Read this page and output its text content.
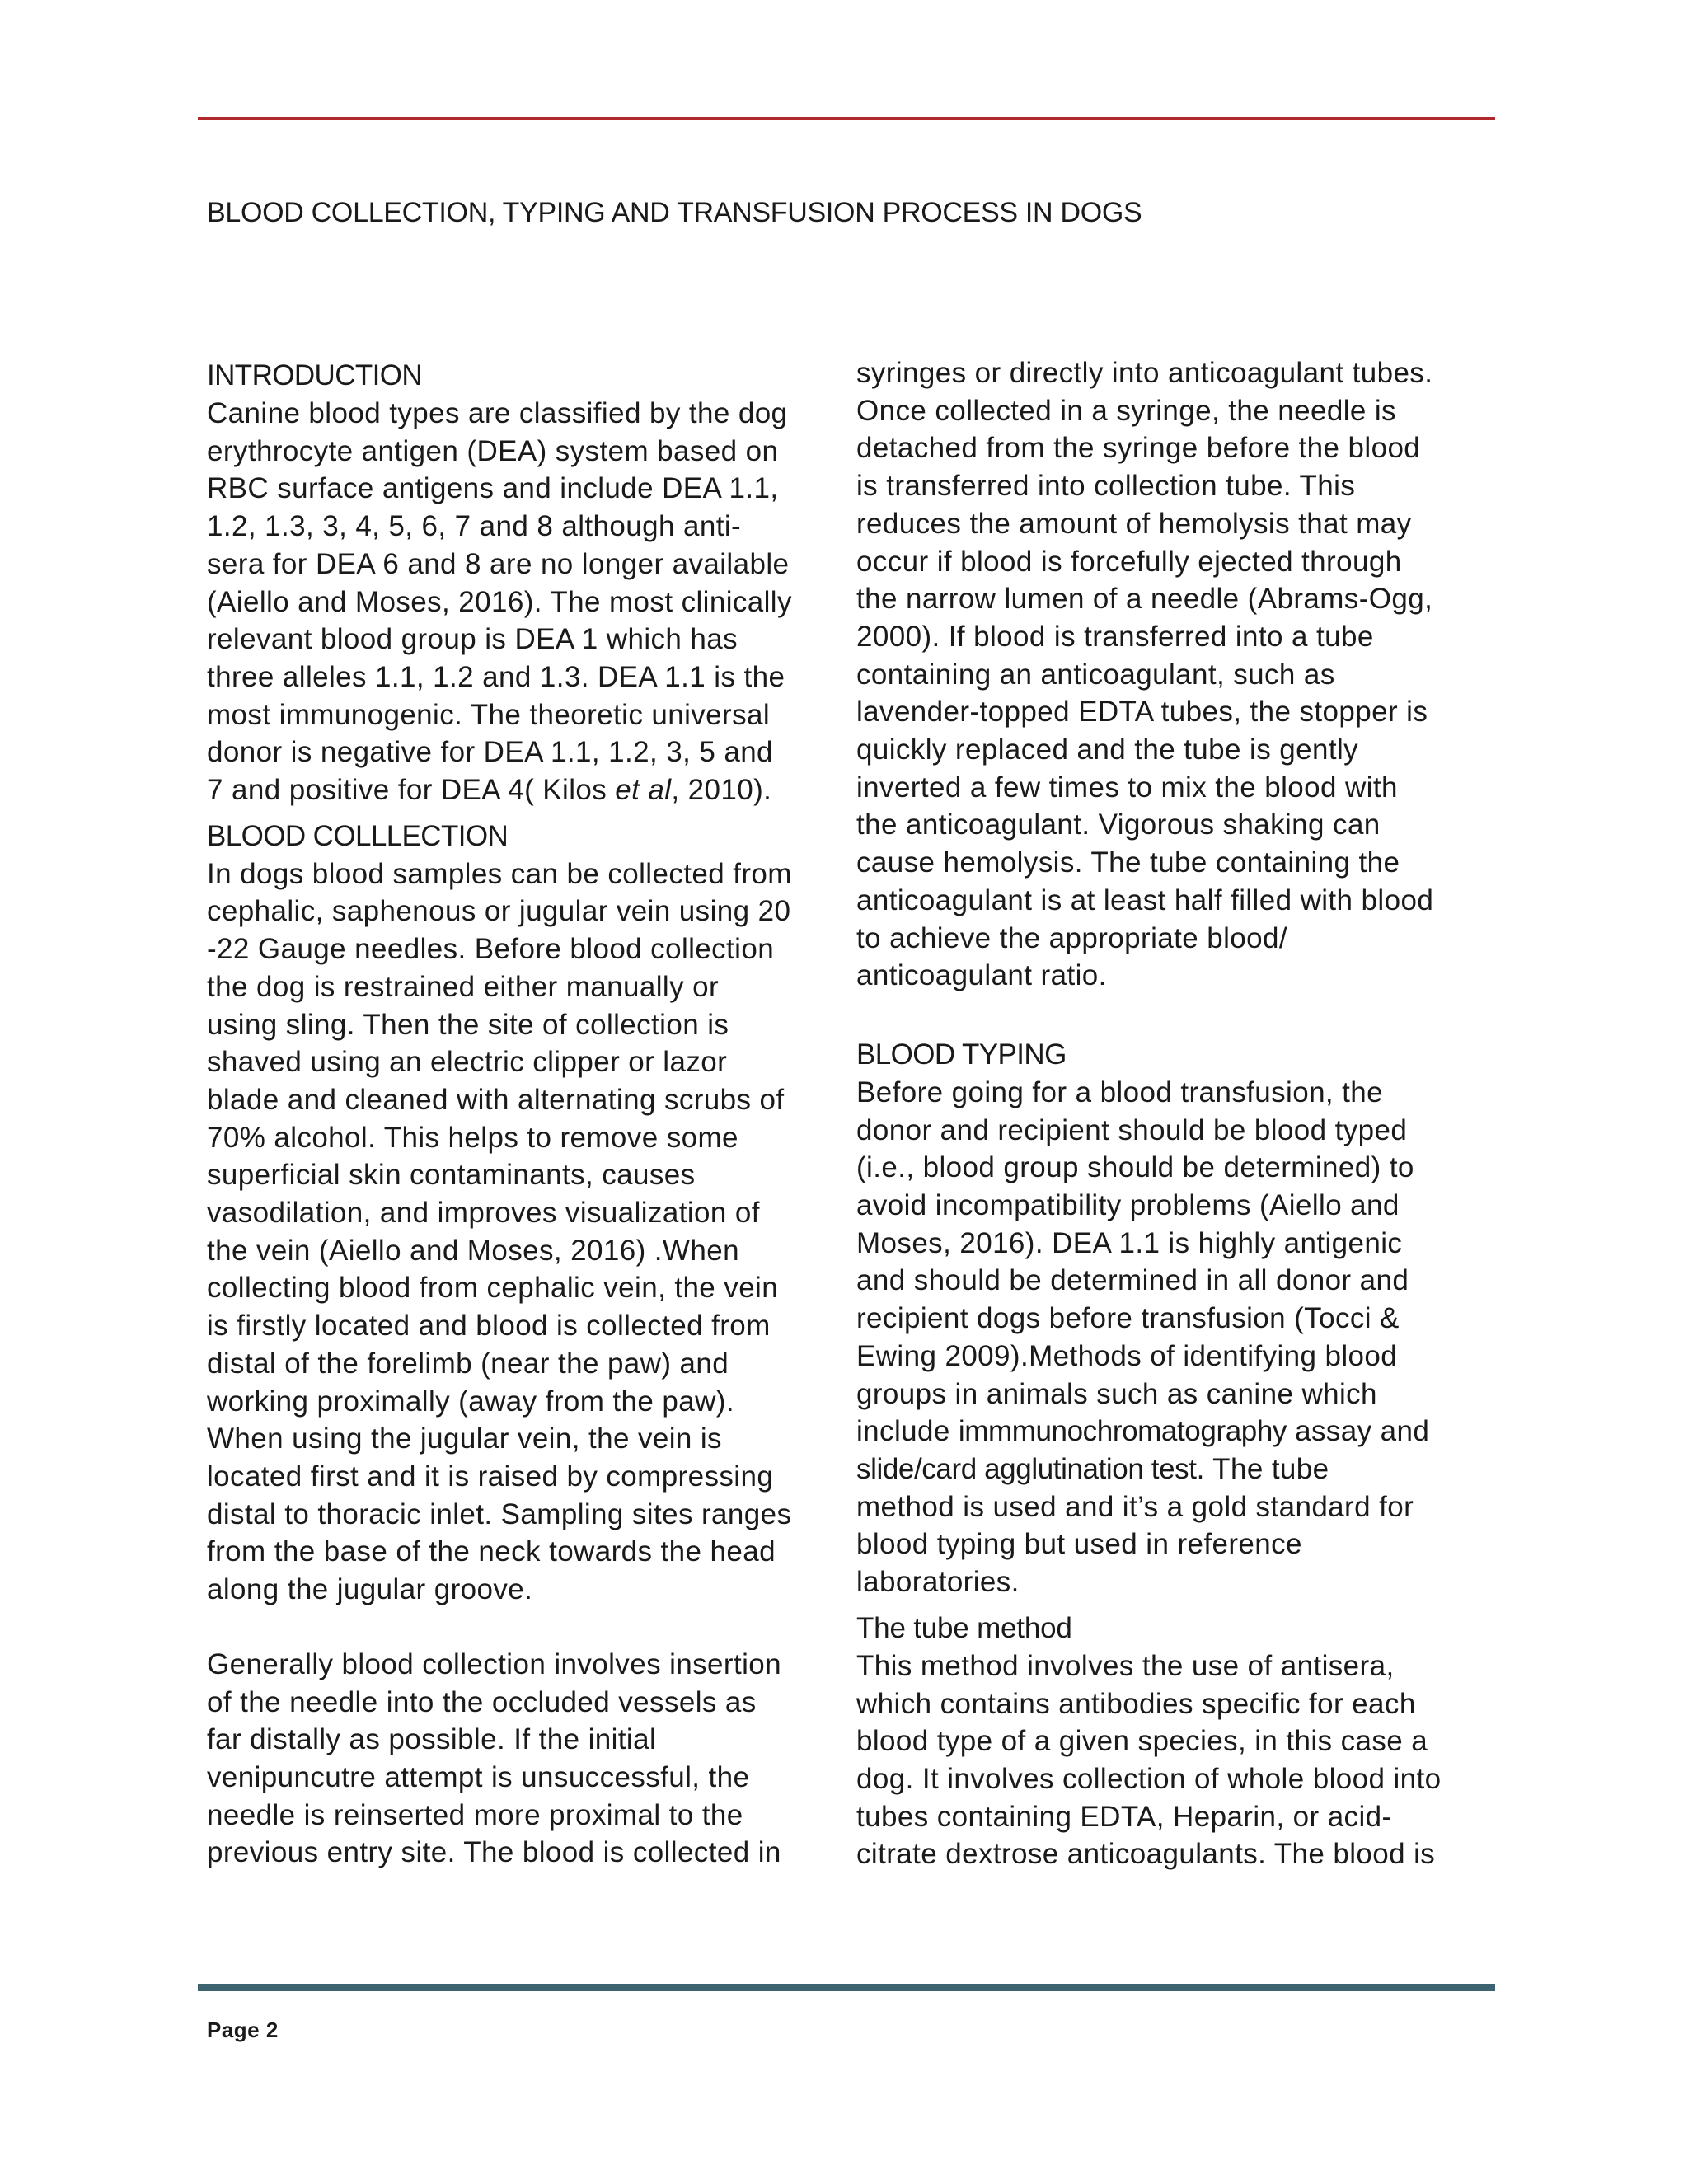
BLOOD COLLECTION, TYPING AND TRANSFUSION PROCESS IN DOGS
INTRODUCTION

Canine blood types are classified by the dog
erythrocyte antigen (DEA) system based on
RBC surface antigens and include DEA 1.1,
1.2, 1.3, 3, 4, 5, 6, 7 and 8 although anti-
sera for DEA 6 and 8 are no longer available
(Aiello and Moses, 2016). The most clinically
relevant blood group is DEA 1 which has
three alleles 1.1, 1.2 and 1.3. DEA 1.1 is the
most immunogenic. The theoretic universal
donor is negative for DEA 1.1, 1.2, 3, 5 and
7 and positive for DEA 4( Kilos et al, 2010).

BLOOD COLLLECTION

In dogs blood samples can be collected from
cephalic, saphenous or jugular vein using 20
-22 Gauge needles. Before blood collection
the dog is restrained either manually or
using sling. Then the site of collection is
shaved using an electric clipper or lazor
blade and cleaned with alternating scrubs of
70% alcohol. This helps to remove some
superficial skin contaminants, causes
vasodilation, and improves visualization of
the vein (Aiello and Moses, 2016) .When
collecting blood from cephalic vein, the vein
is firstly located and blood is collected from
distal of the forelimb (near the paw) and
working proximally (away from the paw).
When using the jugular vein, the vein is
located first and it is raised by compressing
distal to thoracic inlet. Sampling sites ranges
from the base of the neck towards the head
along the jugular groove.

Generally blood collection involves insertion
of the needle into the occluded vessels as
far distally as possible. If the initial
venipuncutre attempt is unsuccessful, the
needle is reinserted more proximal to the
previous entry site. The blood is collected in

syringes or directly into anticoagulant tubes.
Once collected in a syringe, the needle is
detached from the syringe before the blood
is transferred into collection tube. This
reduces the amount of hemolysis that may
occur if blood is forcefully ejected through
the narrow lumen of a needle (Abrams-Ogg,
2000). If blood is transferred into a tube
containing an anticoagulant, such as
lavender-topped EDTA tubes, the stopper is
quickly replaced and the tube is gently
inverted a few times to mix the blood with
the anticoagulant. Vigorous shaking can
cause hemolysis. The tube containing the
anticoagulant is at least half filled with blood
to achieve the appropriate blood/
anticoagulant ratio.

BLOOD TYPING

Before going for a blood transfusion, the
donor and recipient should be blood typed
(i.e., blood group should be determined) to
avoid incompatibility problems (Aiello and
Moses, 2016). DEA 1.1 is highly antigenic
and should be determined in all donor and
recipient dogs before transfusion (Tocci &
Ewing 2009).Methods of identifying blood
groups in animals such as canine which
include immmunochromatography assay and
slide/card agglutination test. The tube
method is used and it’s a gold standard for
blood typing but used in reference
laboratories.

The tube method

This method involves the use of antisera,
which contains antibodies specific for each
blood type of a given species, in this case a
dog. It involves collection of whole blood into
tubes containing EDTA, Heparin, or acid-
citrate dextrose anticoagulants. The blood is

Page 2
